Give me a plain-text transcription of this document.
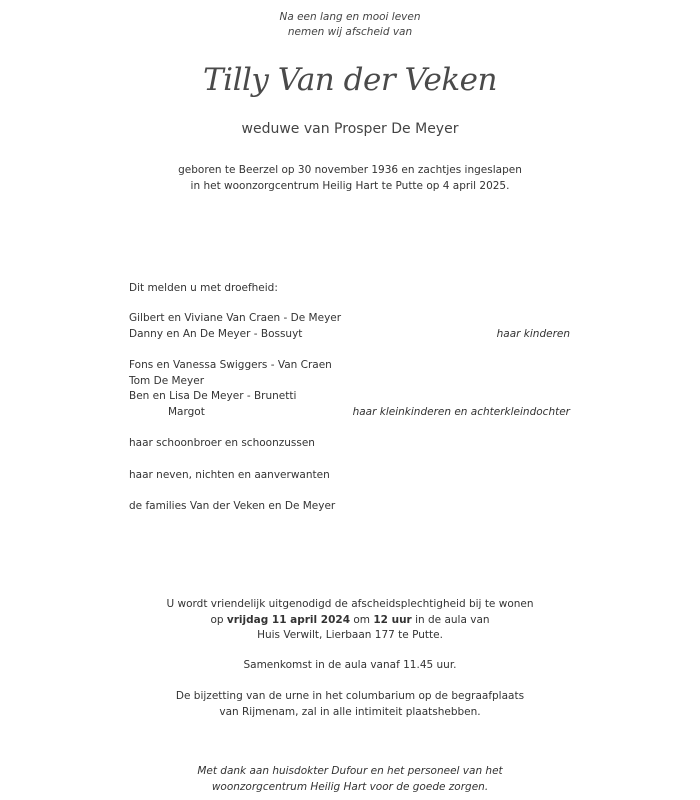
Na een lang en mooi leven
nemen wij afscheid van
Tilly Van der Veken
weduwe van Prosper De Meyer
geboren te Beerzel op 30 november 1936 en zachtjes ingeslapen
in het woonzorgcentrum Heilig Hart te Putte op 4 april 2025.
Dit melden u met droefheid:
Gilbert en Viviane Van Craen - De Meyer
Danny en An De Meyer - Bossuyt	haar kinderen
Fons en Vanessa Swiggers - Van Craen
Tom De Meyer
Ben en Lisa De Meyer - Brunetti
Margot	haar kleinkinderen en achterkleindochter
haar schoonbroer en schoonzussen
haar neven, nichten en aanverwanten
de families Van der Veken en De Meyer
U wordt vriendelijk uitgenodigd de afscheidsplechtigheid bij te wonen
op vrijdag 11 april 2024 om 12 uur in de aula van
Huis Verwilt, Lierbaan 177 te Putte.
Samenkomst in de aula vanaf 11.45 uur.
De bijzetting van de urne in het columbarium op de begraafplaats
van Rijmenam, zal in alle intimiteit plaatshebben.
Met dank aan huisdokter Dufour en het personeel van het
woonzorgcentrum Heilig Hart voor de goede zorgen.
